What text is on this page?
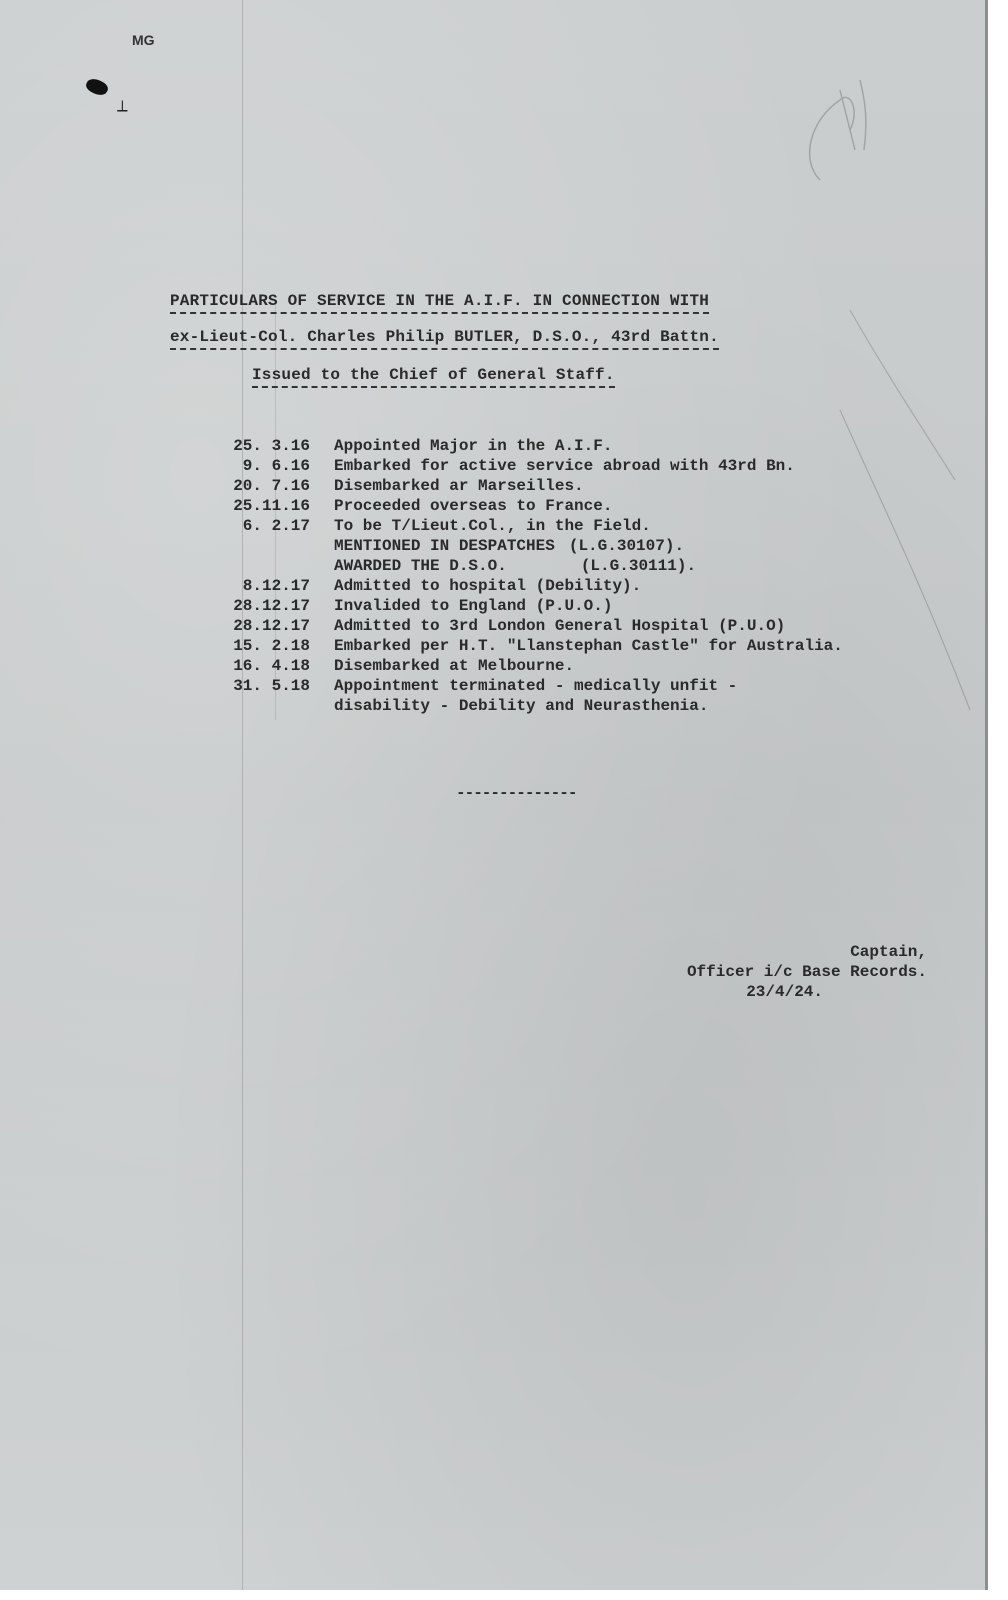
MG
⟂
PARTICULARS OF SERVICE IN THE A.I.F. IN CONNECTION WITH
ex-Lieut-Col. Charles Philip BUTLER, D.S.O., 43rd Battn.
Issued to the Chief of General Staff.
25. 3.16	Appointed Major in the A.I.F.
9. 6.16	Embarked for active service abroad with 43rd Bn.
20. 7.16	Disembarked ar Marseilles.
25.11.16	Proceeded overseas to France.
6. 2.17	To be T/Lieut.Col., in the Field.
MENTIONED IN DESPATCHES (L.G.30107).
AWARDED THE D.S.O.	(L.G.30111).
8.12.17	Admitted to hospital (Debility).
28.12.17	Invalided to England (P.U.O.)
28.12.17	Admitted to 3rd London General Hospital (P.U.O)
15. 2.18	Embarked per H.T. "Llanstephan Castle" for Australia.
16. 4.18	Disembarked at Melbourne.
31. 5.18	Appointment terminated - medically unfit -
disability - Debility and Neurasthenia.
--------------
Captain,
Officer i/c Base Records.
23/4/24.
